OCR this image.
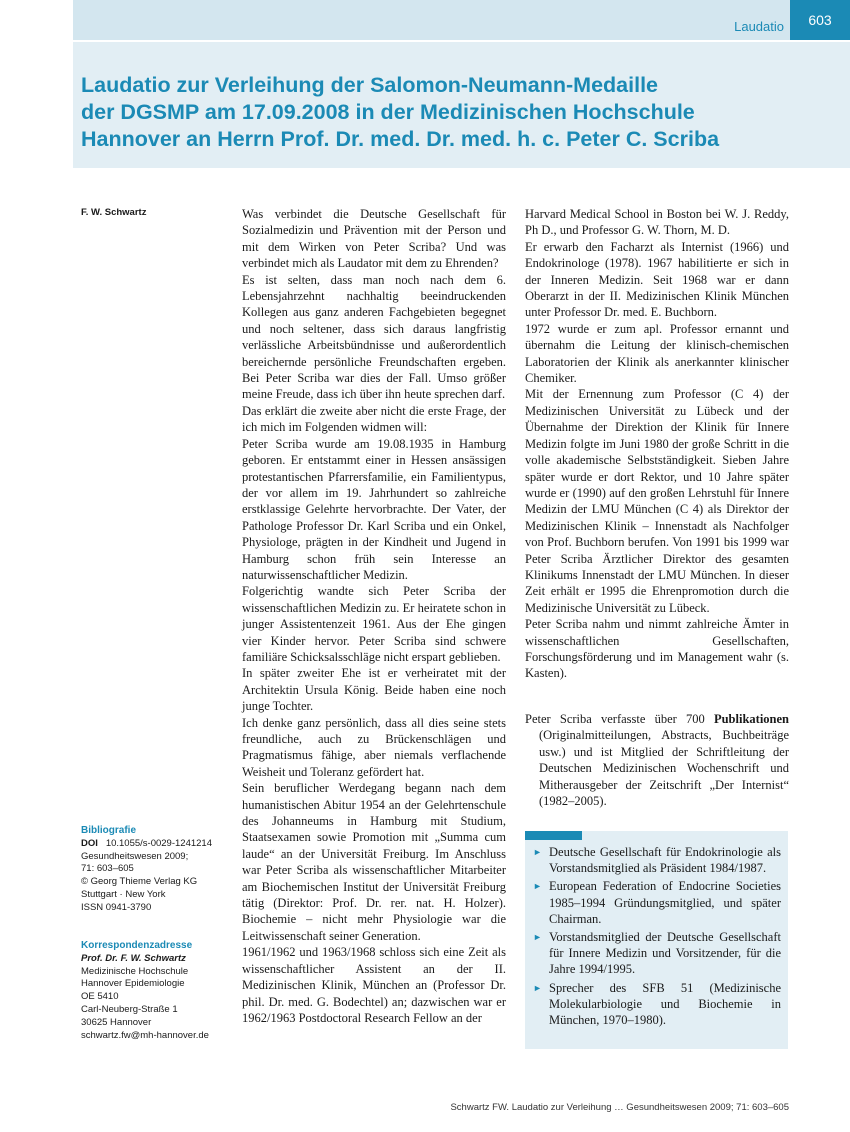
Laudatio	603
Laudatio zur Verleihung der Salomon-Neumann-Medaille
der DGSMP am 17.09.2008 in der Medizinischen Hochschule
Hannover an Herrn Prof. Dr. med. Dr. med. h. c. Peter C. Scriba
F. W. Schwartz
Bibliografie
DOI 10.1055/s-0029-1241214
Gesundheitswesen 2009;
71: 603–605
© Georg Thieme Verlag KG
Stuttgart · New York
ISSN 0941-3790
Korrespondenzadresse
Prof. Dr. F. W. Schwartz
Medizinische Hochschule
Hannover Epidemiologie
OE 5410
Carl-Neuberg-Straße 1
30625 Hannover
schwartz.fw@mh-hannover.de

Was verbindet die Deutsche Gesellschaft für Sozialmedizin und Prävention mit der Person und mit dem Wirken von Peter Scriba? Und was verbindet mich als Laudator mit dem zu Ehrenden?

Es ist selten, dass man noch nach dem 6. Lebensjahrzehnt nachhaltig beeindruckenden Kollegen aus ganz anderen Fachgebieten begegnet und noch seltener, dass sich daraus langfristig verlässliche Arbeitsbündnisse und außerordentlich bereichernde persönliche Freundschaften ergeben. Bei Peter Scriba war dies der Fall. Umso größer meine Freude, dass ich über ihn heute sprechen darf.

Das erklärt die zweite aber nicht die erste Frage, der ich mich im Folgenden widmen will:

Peter Scriba wurde am 19.08.1935 in Hamburg geboren. Er entstammt einer in Hessen ansässigen protestantischen Pfarrersfamilie, ein Familientypus, der vor allem im 19. Jahrhundert so zahlreiche erstklassige Gelehrte hervorbrachte. Der Vater, der Pathologe Professor Dr. Karl Scriba und ein Onkel, Physiologe, prägten in der Kindheit und Jugend in Hamburg schon früh sein Interesse an naturwissenschaftlicher Medizin.

Folgerichtig wandte sich Peter Scriba der wissenschaftlichen Medizin zu. Er heiratete schon in junger Assistentenzeit 1961. Aus der Ehe gingen vier Kinder hervor. Peter Scriba sind schwere familiäre Schicksalsschläge nicht erspart geblieben.

In später zweiter Ehe ist er verheiratet mit der Architektin Ursula König. Beide haben eine noch junge Tochter.

Ich denke ganz persönlich, dass all dies seine stets freundliche, auch zu Brückenschlägen und Pragmatismus fähige, aber niemals verflachende Weisheit und Toleranz gefördert hat.

Sein beruflicher Werdegang begann nach dem humanistischen Abitur 1954 an der Gelehrtenschule des Johanneums in Hamburg mit Studium, Staatsexamen sowie Promotion mit „Summa cum laude“ an der Universität Freiburg. Im Anschluss war Peter Scriba als wissenschaftlicher Mitarbeiter am Biochemischen Institut der Universität Freiburg tätig (Direktor: Prof. Dr. rer. nat. H. Holzer). Biochemie – nicht mehr Physiologie war die Leitwissenschaft seiner Generation.

1961/1962 und 1963/1968 schloss sich eine Zeit als wissenschaftlicher Assistent an der II. Medizinischen Klinik, München an (Professor Dr. phil. Dr. med. G. Bodechtel) an; dazwischen war er 1962/1963 Postdoctoral Research Fellow an der

Harvard Medical School in Boston bei W. J. Reddy, Ph D., und Professor G. W. Thorn, M. D.

Er erwarb den Facharzt als Internist (1966) und Endokrinologe (1978). 1967 habilitierte er sich in der Inneren Medizin. Seit 1968 war er dann Oberarzt in der II. Medizinischen Klinik München unter Professor Dr. med. E. Buchborn.

1972 wurde er zum apl. Professor ernannt und übernahm die Leitung der klinisch-chemischen Laboratorien der Klinik als anerkannter klinischer Chemiker.

Mit der Ernennung zum Professor (C 4) der Medizinischen Universität zu Lübeck und der Übernahme der Direktion der Klinik für Innere Medizin folgte im Juni 1980 der große Schritt in die volle akademische Selbstständigkeit. Sieben Jahre später wurde er dort Rektor, und 10 Jahre später wurde er (1990) auf den großen Lehrstuhl für Innere Medizin der LMU München (C 4) als Direktor der Medizinischen Klinik – Innenstadt als Nachfolger von Prof. Buchborn berufen. Von 1991 bis 1999 war Peter Scriba Ärztlicher Direktor des gesamten Klinikums Innenstadt der LMU München. In dieser Zeit erhält er 1995 die Ehrenpromotion durch die Medizinische Universität zu Lübeck.

Peter Scriba nahm und nimmt zahlreiche Ämter in wissenschaftlichen Gesellschaften, Forschungsförderung und im Management wahr (s. Kasten).

Peter Scriba verfasste über 700 Publikationen (Originalmitteilungen, Abstracts, Buchbeiträge usw.) und ist Mitglied der Schriftleitung der Deutschen Medizinischen Wochenschrift und Mitherausgeber der Zeitschrift „Der Internist“ (1982–2005).
► Deutsche Gesellschaft für Endokrinologie als Vorstandsmitglied als Präsident 1984/1987.
► European Federation of Endocrine Societies 1985–1994 Gründungsmitglied, und später Chairman.
► Vorstandsmitglied der Deutsche Gesellschaft für Innere Medizin und Vorsitzender, für die Jahre 1994/1995.
► Sprecher des SFB 51 (Medizinische Molekularbiologie und Biochemie in München, 1970–1980).
Schwartz FW. Laudatio zur Verleihung … Gesundheitswesen 2009; 71: 603–605
